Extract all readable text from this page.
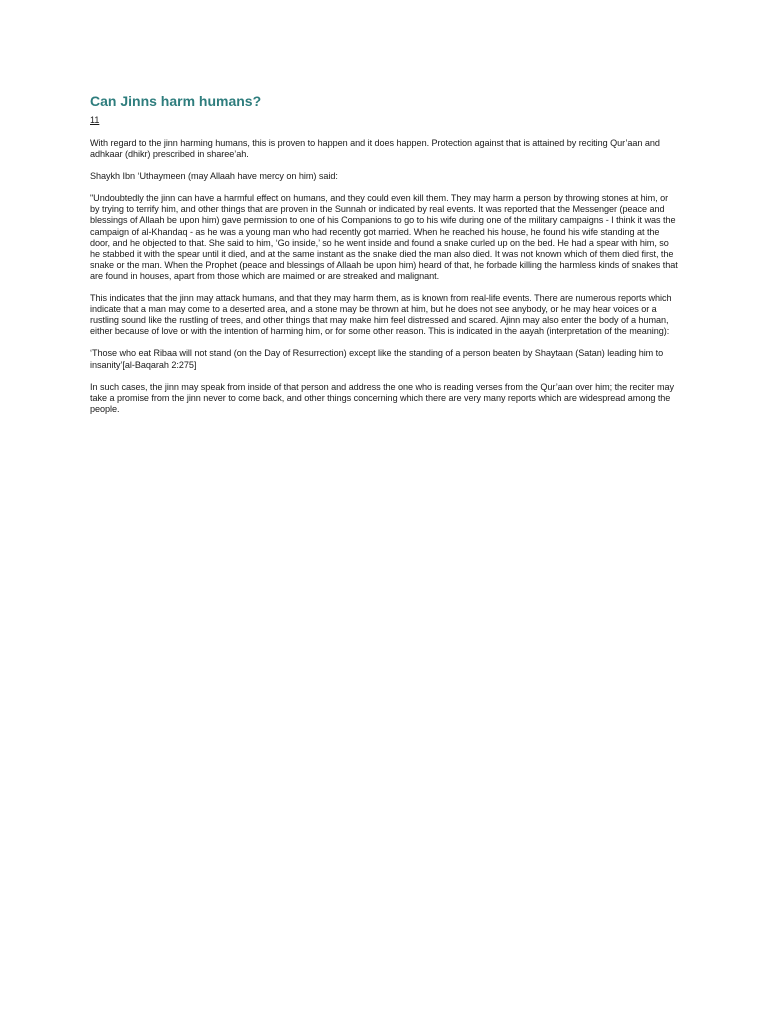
Can Jinns harm humans?
11

With regard to the jinn harming humans, this is proven to happen and it does happen. Protection against that is attained by reciting Qur’aan and adhkaar (dhikr) prescribed in sharee’ah.

Shaykh Ibn ‘Uthaymeen (may Allaah have mercy on him) said:

"Undoubtedly the jinn can have a harmful effect on humans, and they could even kill them. They may harm a person by throwing stones at him, or by trying to terrify him, and other things that are proven in the Sunnah or indicated by real events. It was reported that the Messenger (peace and blessings of Allaah be upon him) gave permission to one of his Companions to go to his wife during one of the military campaigns - I think it was the campaign of al-Khandaq - as he was a young man who had recently got married. When he reached his house, he found his wife standing at the door, and he objected to that. She said to him, ‘Go inside,’ so he went inside and found a snake curled up on the bed. He had a spear with him, so he stabbed it with the spear until it died, and at the same instant as the snake died the man also died. It was not known which of them died first, the snake or the man. When the Prophet (peace and blessings of Allaah be upon him) heard of that, he forbade killing the harmless kinds of snakes that are found in houses, apart from those which are maimed or are streaked and malignant.

This indicates that the jinn may attack humans, and that they may harm them, as is known from real-life events. There are numerous reports which indicate that a man may come to a deserted area, and a stone may be thrown at him, but he does not see anybody, or he may hear voices or a rustling sound like the rustling of trees, and other things that may make him feel distressed and scared. Ajinn may also enter the body of a human, either because of love or with the intention of harming him, or for some other reason. This is indicated in the aayah (interpretation of the meaning):

‘Those who eat Ribaa will not stand (on the Day of Resurrection) except like the standing of a person beaten by Shaytaan (Satan) leading him to insanity’[al-Baqarah 2:275]

In such cases, the jinn may speak from inside of that person and address the one who is reading verses from the Qur’aan over him; the reciter may take a promise from the jinn never to come back, and other things concerning which there are very many reports which are widespread among the people.
